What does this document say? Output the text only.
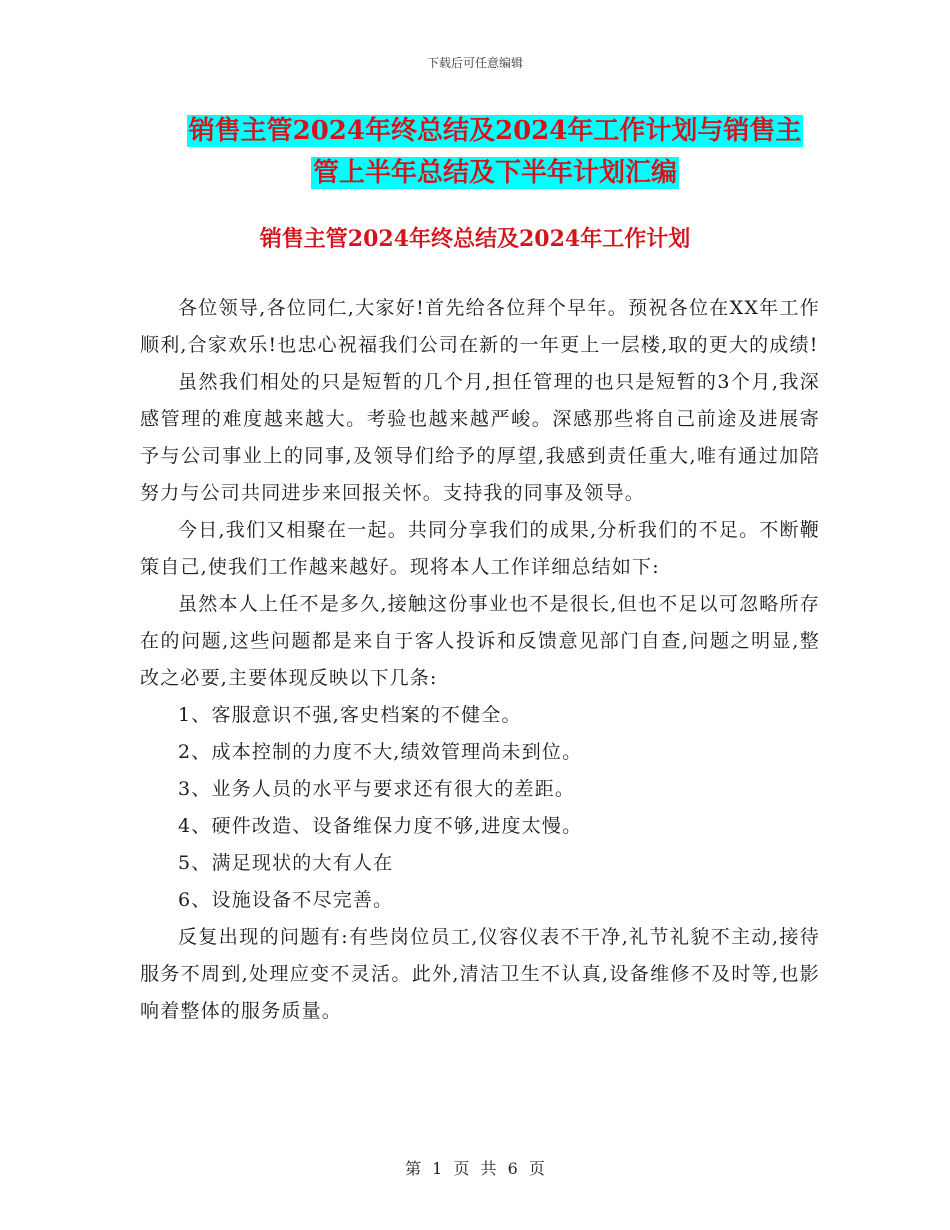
下载后可任意编辑
销售主管2024年终总结及2024年工作计划与销售主
管上半年总结及下半年计划汇编
销售主管2024年终总结及2024年工作计划

各位领导,各位同仁,大家好!首先给各位拜个早年。预祝各位在XX年工作顺利,合家欢乐!也忠心祝福我们公司在新的一年更上一层楼,取的更大的成绩!

虽然我们相处的只是短暂的几个月,担任管理的也只是短暂的3个月,我深感管理的难度越来越大。考验也越来越严峻。深感那些将自己前途及进展寄予与公司事业上的同事,及领导们给予的厚望,我感到责任重大,唯有通过加陪努力与公司共同进步来回报关怀。支持我的同事及领导。

今日,我们又相聚在一起。共同分享我们的成果,分析我们的不足。不断鞭策自己,使我们工作越来越好。现将本人工作详细总结如下:

虽然本人上任不是多久,接触这份事业也不是很长,但也不足以可忽略所存在的问题,这些问题都是来自于客人投诉和反馈意见部门自查,问题之明显,整改之必要,主要体现反映以下几条:

1、客服意识不强,客史档案的不健全。

2、成本控制的力度不大,绩效管理尚未到位。

3、业务人员的水平与要求还有很大的差距。

4、硬件改造、设备维保力度不够,进度太慢。

5、满足现状的大有人在

6、设施设备不尽完善。

反复出现的问题有:有些岗位员工,仪容仪表不干净,礼节礼貌不主动,接待服务不周到,处理应变不灵活。此外,清洁卫生不认真,设备维修不及时等,也影响着整体的服务质量。

第 1 页 共 6 页
